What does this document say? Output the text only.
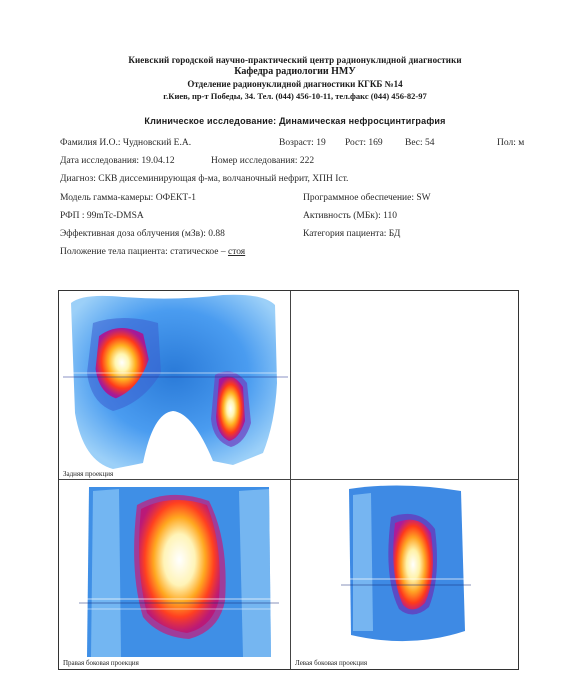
Киевский городской научно-практический центр радионуклидной диагностики
Кафедра радиологии НМУ
Отделение радионуклидной диагностики КГКБ №14
г.Киев, пр-т Победы, 34. Тел. (044) 456-10-11, тел.факс (044) 456-82-97
Клиническое исследование: Динамическая нефросцинтиграфия
Фамилия И.О.: Чудновский Е.А.	Возраст: 19 Рост: 169 Вес: 54	Пол: м
Дата исследования: 19.04.12	Номер исследования: 222
Диагноз: СКВ диссеминирующая ф-ма, волчаночный нефрит, ХПН Iст.
Модель гамма-камеры: ОФЕКТ-1	Программное обеспечение: SW
РФП : 99mTc-DMSA	Активность (МБк): 110
Эффективная доза облучения (мЗв): 0.88	Категория пациента: БД
Положение тела пациента: статическое – стоя
Задняя проекция
Правая боковая проекция	Левая боковая проекция
